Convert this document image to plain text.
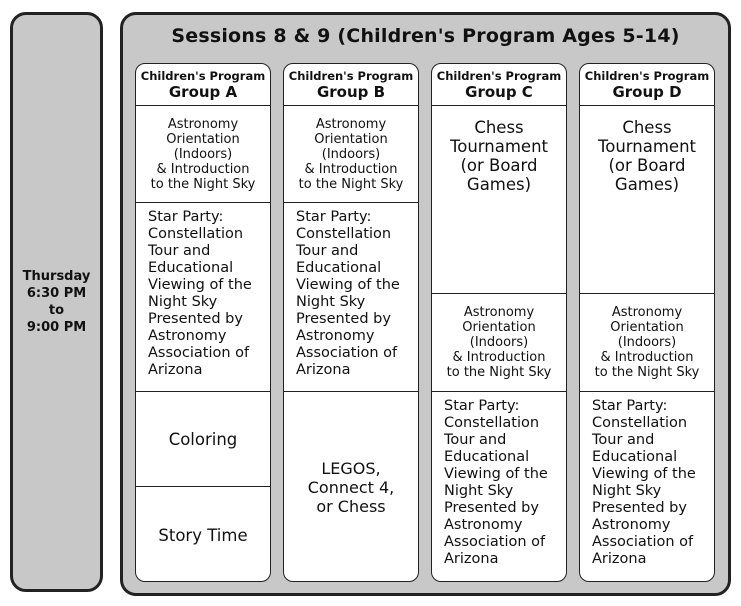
Thursday
6:30 PM
to
9:00 PM
Sessions 8 & 9 (Children's Program Ages 5-14)
Children's Program
Group A
Astronomy
Orientation
(Indoors)
& Introduction
to the Night Sky
Star Party:
Constellation
Tour and
Educational
Viewing of the
Night Sky
Presented by
Astronomy
Association of
Arizona
Coloring
Story Time
Children's Program
Group B
Astronomy
Orientation
(Indoors)
& Introduction
to the Night Sky
Star Party:
Constellation
Tour and
Educational
Viewing of the
Night Sky
Presented by
Astronomy
Association of
Arizona
LEGOS,
Connect 4,
or Chess
Children's Program
Group C
Chess
Tournament
(or Board
Games)
Astronomy
Orientation
(Indoors)
& Introduction
to the Night Sky
Star Party:
Constellation
Tour and
Educational
Viewing of the
Night Sky
Presented by
Astronomy
Association of
Arizona
Children's Program
Group D
Chess
Tournament
(or Board
Games)
Astronomy
Orientation
(Indoors)
& Introduction
to the Night Sky
Star Party:
Constellation
Tour and
Educational
Viewing of the
Night Sky
Presented by
Astronomy
Association of
Arizona
